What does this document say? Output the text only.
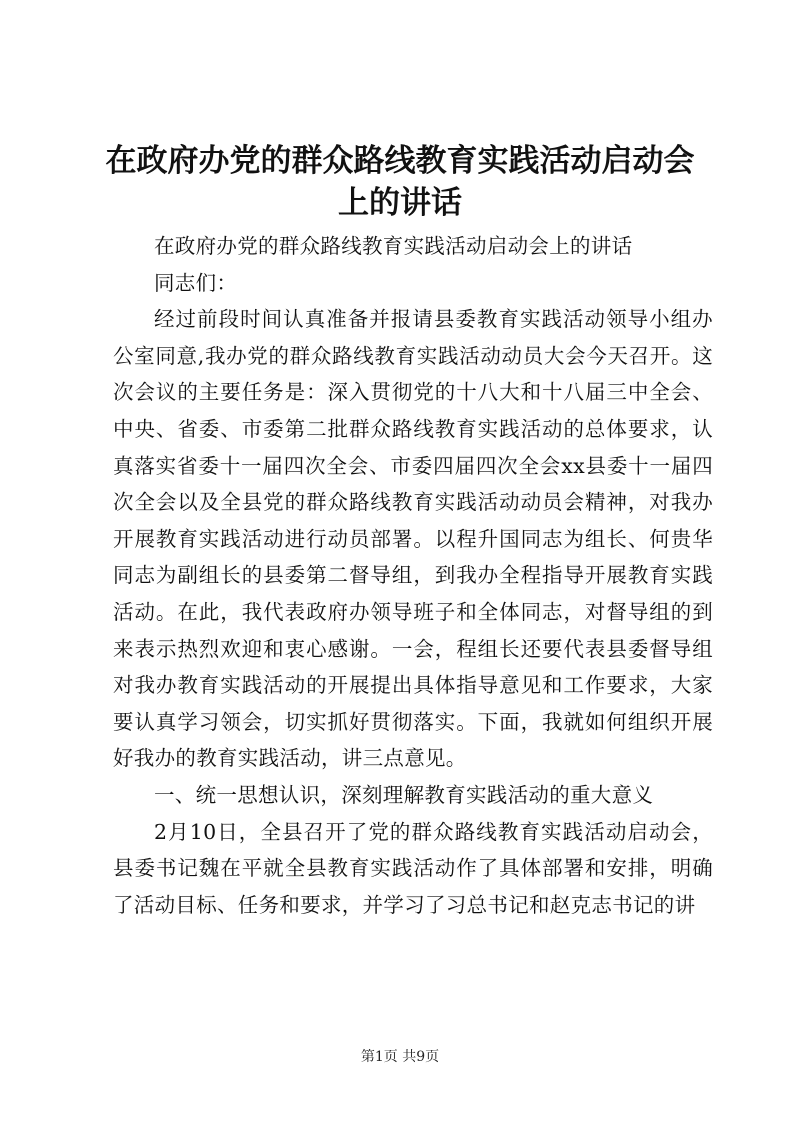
在政府办党的群众路线教育实践活动启动会上的讲话

在政府办党的群众路线教育实践活动启动会上的讲话

同志们：

经过前段时间认真准备并报请县委教育实践活动领导小组办公室同意,我办党的群众路线教育实践活动动员大会今天召开。这次会议的主要任务是：深入贯彻党的十八大和十八届三中全会、中央、省委、市委第二批群众路线教育实践活动的总体要求，认真落实省委十一届四次全会、市委四届四次全会xx县委十一届四次全会以及全县党的群众路线教育实践活动动员会精神，对我办开展教育实践活动进行动员部署。以程升国同志为组长、何贵华同志为副组长的县委第二督导组，到我办全程指导开展教育实践活动。在此，我代表政府办领导班子和全体同志，对督导组的到来表示热烈欢迎和衷心感谢。一会，程组长还要代表县委督导组对我办教育实践活动的开展提出具体指导意见和工作要求，大家要认真学习领会，切实抓好贯彻落实。下面，我就如何组织开展好我办的教育实践活动，讲三点意见。

一、统一思想认识，深刻理解教育实践活动的重大意义

2月10日，全县召开了党的群众路线教育实践活动启动会，县委书记魏在平就全县教育实践活动作了具体部署和安排，明确了活动目标、任务和要求，并学习了习总书记和赵克志书记的讲

第1页 共9页
